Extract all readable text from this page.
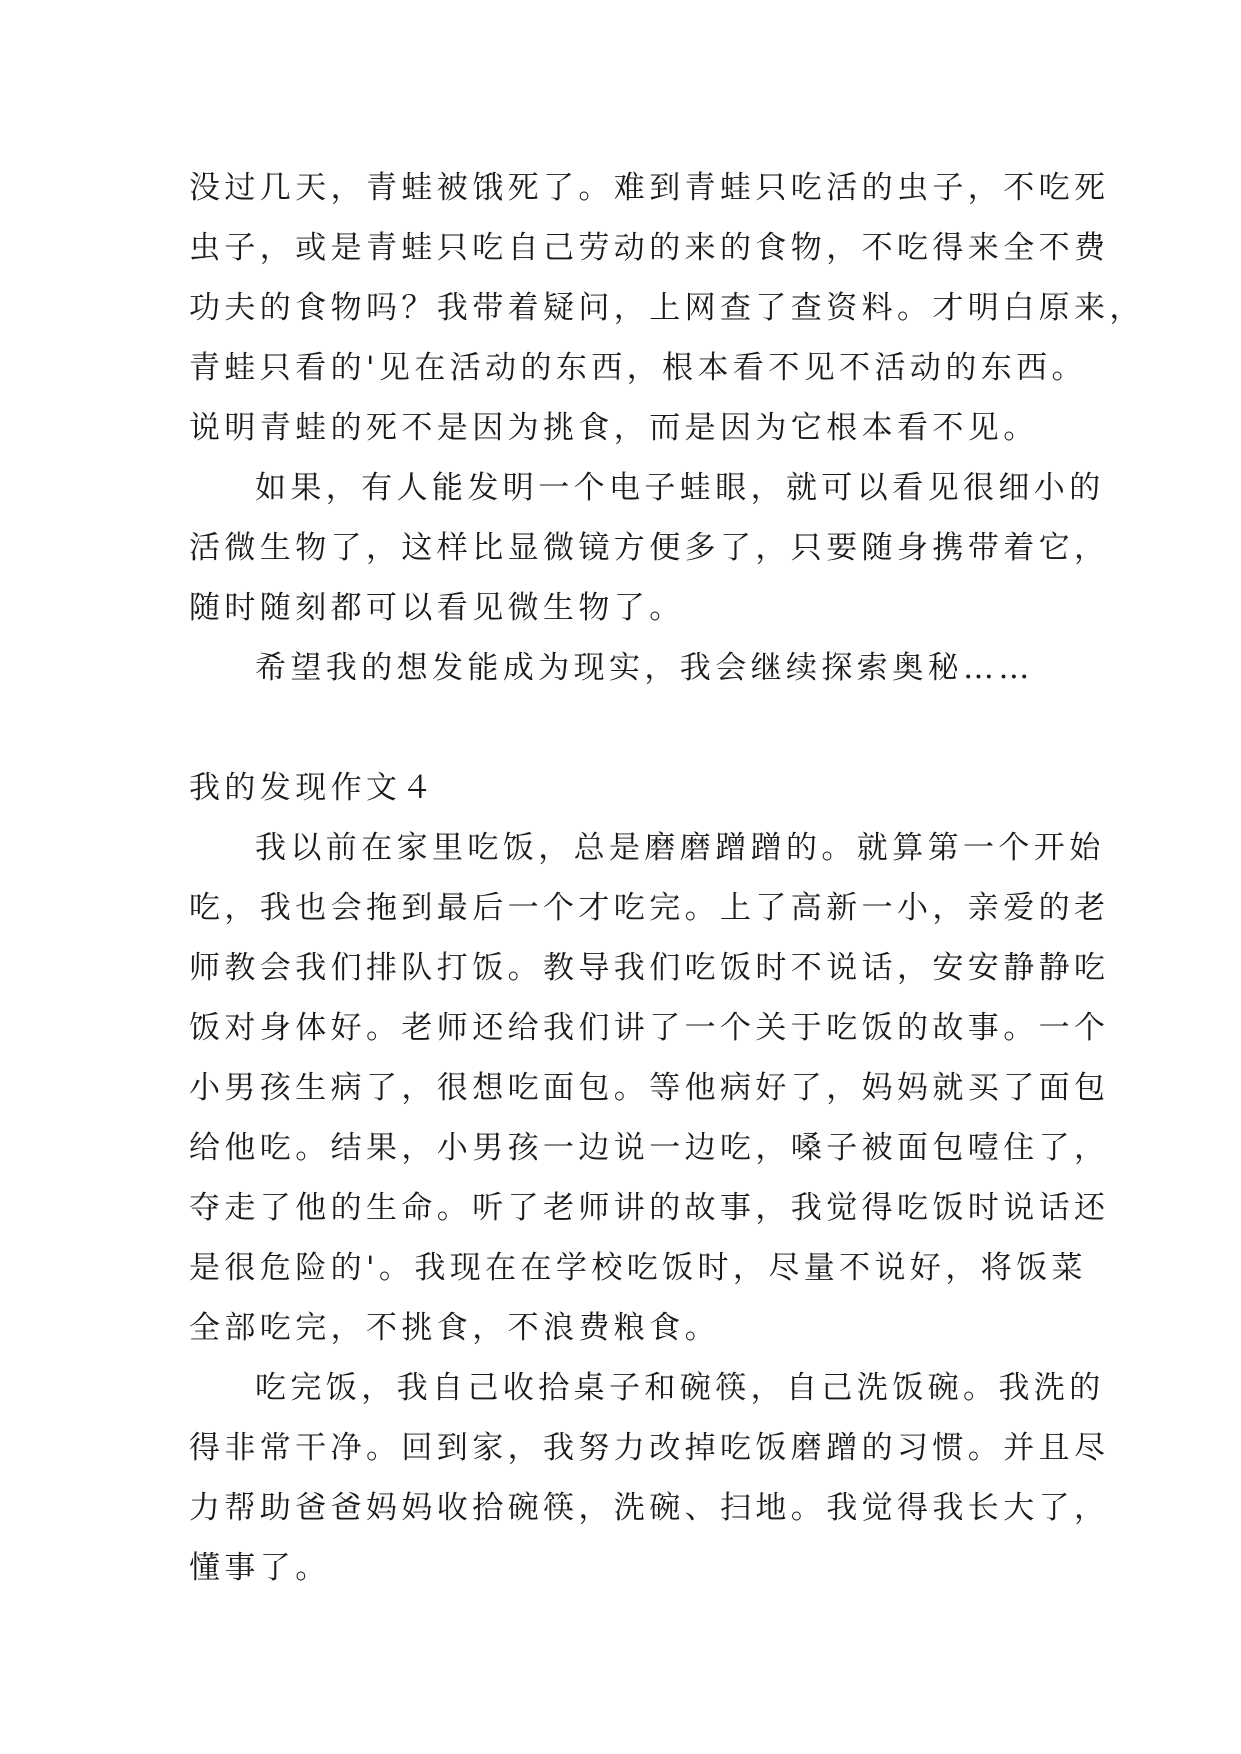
没过几天，青蛙被饿死了。难到青蛙只吃活的虫子，不吃死
虫子，或是青蛙只吃自己劳动的来的食物，不吃得来全不费
功夫的食物吗？我带着疑问，上网查了查资料。才明白原来，
青蛙只看的'见在活动的东西，根本看不见不活动的东西。
说明青蛙的死不是因为挑食，而是因为它根本看不见。
如果，有人能发明一个电子蛙眼，就可以看见很细小的
活微生物了，这样比显微镜方便多了，只要随身携带着它，
随时随刻都可以看见微生物了。
希望我的想发能成为现实，我会继续探索奥秘……
我的发现作文４
我以前在家里吃饭，总是磨磨蹭蹭的。就算第一个开始
吃，我也会拖到最后一个才吃完。上了高新一小，亲爱的老
师教会我们排队打饭。教导我们吃饭时不说话，安安静静吃
饭对身体好。老师还给我们讲了一个关于吃饭的故事。一个
小男孩生病了，很想吃面包。等他病好了，妈妈就买了面包
给他吃。结果，小男孩一边说一边吃，嗓子被面包噎住了，
夺走了他的生命。听了老师讲的故事，我觉得吃饭时说话还
是很危险的'。我现在在学校吃饭时，尽量不说好，将饭菜
全部吃完，不挑食，不浪费粮食。
吃完饭，我自己收拾桌子和碗筷，自己洗饭碗。我洗的
得非常干净。回到家，我努力改掉吃饭磨蹭的习惯。并且尽
力帮助爸爸妈妈收拾碗筷，洗碗、扫地。我觉得我长大了，
懂事了。
